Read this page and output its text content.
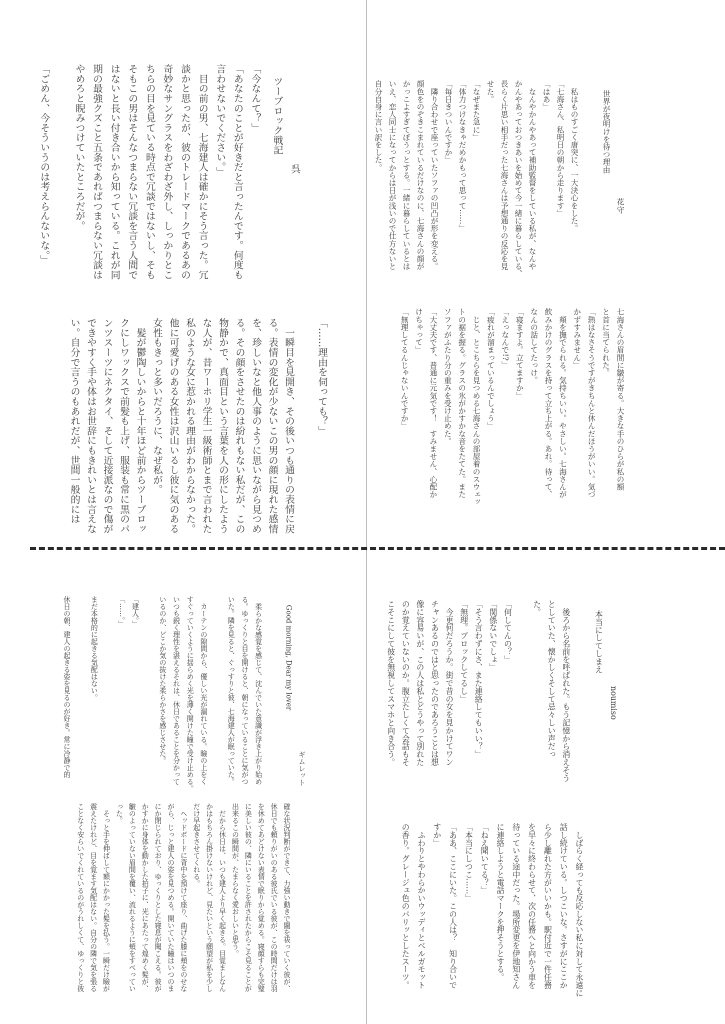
世界が夜明けを待つ理由

花守

　私はものすごく唐突に、一大決心をした。
「七海さん、私明日の朝から走ります」
「はあ」
　なんやかんやあって補助監督をしている私が、なんや
かんやあっておつきあいを始めて今一緒に暮らしている、
長らく片思い相手だった七海さんは予想通りの反応を見
せた。
「なぜまた急に」
「体力つけなきゃだめかもって思って……」
「毎日きついんですか」
　隣り合わせで座っていたソファの凹凸が形を変える。
顔色をのぞきこまれているだけなのに、七海さんの顔が
かっこよすぎてぼうっとする。一緒に暮らしているとは
いえ、恋人同士になってからは日が浅いので仕方ないと
自分自身に言い訳をした。

七海さんの眉間に皺が寄る。大きな手のひらが私の額
と首に当てられた。
「熱はなさそうですがきちんと休んだほうがいい。気づ
かずすみません」
　頬を撫でられる。気持ちいい。やさしい。七海さんが
飲みかけのグラスを持って立ち上がる。あれ。待って、
なんの話してたっけ。
「寝ますよ。立てますか」
「えっなんで!?」
「疲れが溜まっているんでしょう」
　じと、とこちらを見つめる七海さんの部屋着のスウェッ
トの裾を握る。グラスの氷がかすかな音をたてた。また
ソファがふたり分の重みを受け止めた。
「大丈夫です、普通に元気です！　すみません、心配か
けちゃって」
「無理してるんじゃないんですか」

ツーブロック戦記

呉

「今なんて？」
「あなたのことが好きだと言ったんです。何度も
言わせないでください。」
　目の前の男、七海建人は確かにそう言った。冗
談かと思ったが、彼のトレードマークであるあの
奇妙なサングラスをわざわざ外し、しっかりとこ
ちらの目を見ている時点で冗談ではないし、そも
そもこの男はそんなつまらない冗談を言う人間で
はないと長い付き合いから知っている。これが同
期の最強クズこと五条であればつまらない冗談は
やめろと睨みつけていたところだが。
「ごめん、今そういうのは考えらんないな。」

「……理由を伺っても？」
　一瞬目を見開き、その後いつも通りの表情に戻
る。表情の変化が少ないこの男の顔に現れた感情
を、珍しいなと他人事のように思いながら見つめ
る。その顔をさせたのは紛れもない私だが、この
物静かで、真面目という言葉を人の形にしたよう
な人が、昔ワーホリ学生一級術師とまで言われた
私のような女に惹かれる理由がわからなかった。
他に可愛げのある女性は沢山いるし彼に気のある
女性もきっと多いだろうに、なぜ私が。
　髪が鬱陶しいからと十年ほど前からツーブロッ
クにしワックスで前髪も上げ、服装も常に黒のパ
ンツスーツにネクタイ、そして近接派なので傷が
できやすく手や体はお世辞にもきれいとは言えな
い。自分で言うのもあれだが、世間一般的には

本当にしてしまえ

noumiso

　後ろから名前を呼ばれた。もう記憶から消えそう
としていた、懐かしくそして忌々しい声だっ
た。
「何してんの？」
「関係ないでしょ」
「そう言わずにさ、また連絡してもいい？」
「無理。ブロックしてるし」
　今更何だろうか。街で昔の女を見かけてワン
チャンあるのではと思ったのであろうことは想
像に容易いが、この人は私とどうやって別れた
のか覚えていないのか。腹立たしくて会話もそ
こそこにして彼を無視してスマホと向き合う。

　しばらく経っても反応しない私に対して永遠に
話し続けている。しつこいな。さすがにここか
ら少し離れた方がいいかも。駅付近で一件任務
を早々に終わらせて、次の任務へと向かう車を
待っている途中だった。場所変更を伊地知さん
に連絡しようと電話マークを押そうとする。
「ねえ聞いてる？」
「本当にしつこ……」
「ああ、ここにいた。この人は？　知り合いで
すか」
　ふわりとやわらかいウッディとベルガモット
の香り。グレージュ色のパリッとしたスーツ。

Good morning, Dear my lover

ギムレット

　柔らかな感覚を感じて、沈んでいた意識が浮き上がり始め
る。ゆっくりと目を開けると、朝になっていることに気がつ
いた。隣を見ると、ぐっすりと彼、七海建人が眠っていた。
　カーテンの隙間から、優しい光が漏れている。瞼の上をく
すぐっていくように揺らめく光を薄く開けた瞳で受け止める。
いつも鋭く理性を湛えるそれは、休日であることを分かって
いるのか、どこか気の抜けた柔らかさを感じさせた。
「建人。」
「……。」
まだ本格的に起きる気配はない。
休日の朝、建人の起きる姿を見るのが好き。常に冷静で的

確な状況判断ができて、力強い動きで闇を祓っていく彼が、
休日でも頼りがいのある彼氏でいる彼が、この時間だけは羽
を休めてあどけない表情で眠りから覚める。寝顔すらも完璧
に美しい彼の、隣にいることを許されたからこそ見ることが
出来るこの瞬間が、たまらなく愛おしいと思う。
　だから休日は、いつも建人より早く起きる。目覚ましなん
かはもちろん掛けないけれど、見たいという願望が私を少し
だけ早起きさせてくれる。
　ヘッドボードに背中を預けて座り、曲げた膝に頬をのせな
がら、じっと建人の姿を見つめる。開いていた瞳はいつのま
にか閉じられており、ゆっくりとした寝息が聞こえる。彼が
かすかに身体を動かした拍子に、光にあたって煌めく髪が、
皺のよっていない眉間を覆い、流れるように頬をすべってい
った。
　そっと手を伸ばして額にかかった髪を払う。一瞬だけ瞼が
震えたけれど、目を覚ます気配はない。自分の隣で気を張る
ことなく安らいでくれているのがうれしくて、ゆっくりと彼
